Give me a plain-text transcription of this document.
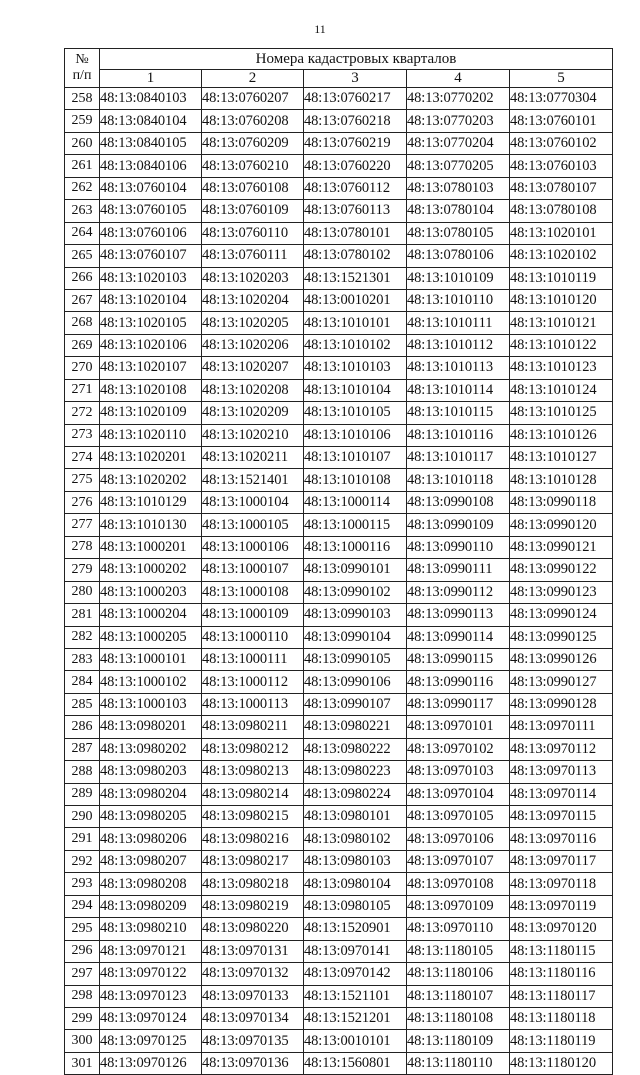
11
№
п/п	Номера кадастровых кварталов				
	1	2	3	4	5
258	48:13:0840103	48:13:0760207	48:13:0760217	48:13:0770202	48:13:0770304
259	48:13:0840104	48:13:0760208	48:13:0760218	48:13:0770203	48:13:0760101
260	48:13:0840105	48:13:0760209	48:13:0760219	48:13:0770204	48:13:0760102
261	48:13:0840106	48:13:0760210	48:13:0760220	48:13:0770205	48:13:0760103
262	48:13:0760104	48:13:0760108	48:13:0760112	48:13:0780103	48:13:0780107
263	48:13:0760105	48:13:0760109	48:13:0760113	48:13:0780104	48:13:0780108
264	48:13:0760106	48:13:0760110	48:13:0780101	48:13:0780105	48:13:1020101
265	48:13:0760107	48:13:0760111	48:13:0780102	48:13:0780106	48:13:1020102
266	48:13:1020103	48:13:1020203	48:13:1521301	48:13:1010109	48:13:1010119
267	48:13:1020104	48:13:1020204	48:13:0010201	48:13:1010110	48:13:1010120
268	48:13:1020105	48:13:1020205	48:13:1010101	48:13:1010111	48:13:1010121
269	48:13:1020106	48:13:1020206	48:13:1010102	48:13:1010112	48:13:1010122
270	48:13:1020107	48:13:1020207	48:13:1010103	48:13:1010113	48:13:1010123
271	48:13:1020108	48:13:1020208	48:13:1010104	48:13:1010114	48:13:1010124
272	48:13:1020109	48:13:1020209	48:13:1010105	48:13:1010115	48:13:1010125
273	48:13:1020110	48:13:1020210	48:13:1010106	48:13:1010116	48:13:1010126
274	48:13:1020201	48:13:1020211	48:13:1010107	48:13:1010117	48:13:1010127
275	48:13:1020202	48:13:1521401	48:13:1010108	48:13:1010118	48:13:1010128
276	48:13:1010129	48:13:1000104	48:13:1000114	48:13:0990108	48:13:0990118
277	48:13:1010130	48:13:1000105	48:13:1000115	48:13:0990109	48:13:0990120
278	48:13:1000201	48:13:1000106	48:13:1000116	48:13:0990110	48:13:0990121
279	48:13:1000202	48:13:1000107	48:13:0990101	48:13:0990111	48:13:0990122
280	48:13:1000203	48:13:1000108	48:13:0990102	48:13:0990112	48:13:0990123
281	48:13:1000204	48:13:1000109	48:13:0990103	48:13:0990113	48:13:0990124
282	48:13:1000205	48:13:1000110	48:13:0990104	48:13:0990114	48:13:0990125
283	48:13:1000101	48:13:1000111	48:13:0990105	48:13:0990115	48:13:0990126
284	48:13:1000102	48:13:1000112	48:13:0990106	48:13:0990116	48:13:0990127
285	48:13:1000103	48:13:1000113	48:13:0990107	48:13:0990117	48:13:0990128
286	48:13:0980201	48:13:0980211	48:13:0980221	48:13:0970101	48:13:0970111
287	48:13:0980202	48:13:0980212	48:13:0980222	48:13:0970102	48:13:0970112
288	48:13:0980203	48:13:0980213	48:13:0980223	48:13:0970103	48:13:0970113
289	48:13:0980204	48:13:0980214	48:13:0980224	48:13:0970104	48:13:0970114
290	48:13:0980205	48:13:0980215	48:13:0980101	48:13:0970105	48:13:0970115
291	48:13:0980206	48:13:0980216	48:13:0980102	48:13:0970106	48:13:0970116
292	48:13:0980207	48:13:0980217	48:13:0980103	48:13:0970107	48:13:0970117
293	48:13:0980208	48:13:0980218	48:13:0980104	48:13:0970108	48:13:0970118
294	48:13:0980209	48:13:0980219	48:13:0980105	48:13:0970109	48:13:0970119
295	48:13:0980210	48:13:0980220	48:13:1520901	48:13:0970110	48:13:0970120
296	48:13:0970121	48:13:0970131	48:13:0970141	48:13:1180105	48:13:1180115
297	48:13:0970122	48:13:0970132	48:13:0970142	48:13:1180106	48:13:1180116
298	48:13:0970123	48:13:0970133	48:13:1521101	48:13:1180107	48:13:1180117
299	48:13:0970124	48:13:0970134	48:13:1521201	48:13:1180108	48:13:1180118
300	48:13:0970125	48:13:0970135	48:13:0010101	48:13:1180109	48:13:1180119
301	48:13:0970126	48:13:0970136	48:13:1560801	48:13:1180110	48:13:1180120
